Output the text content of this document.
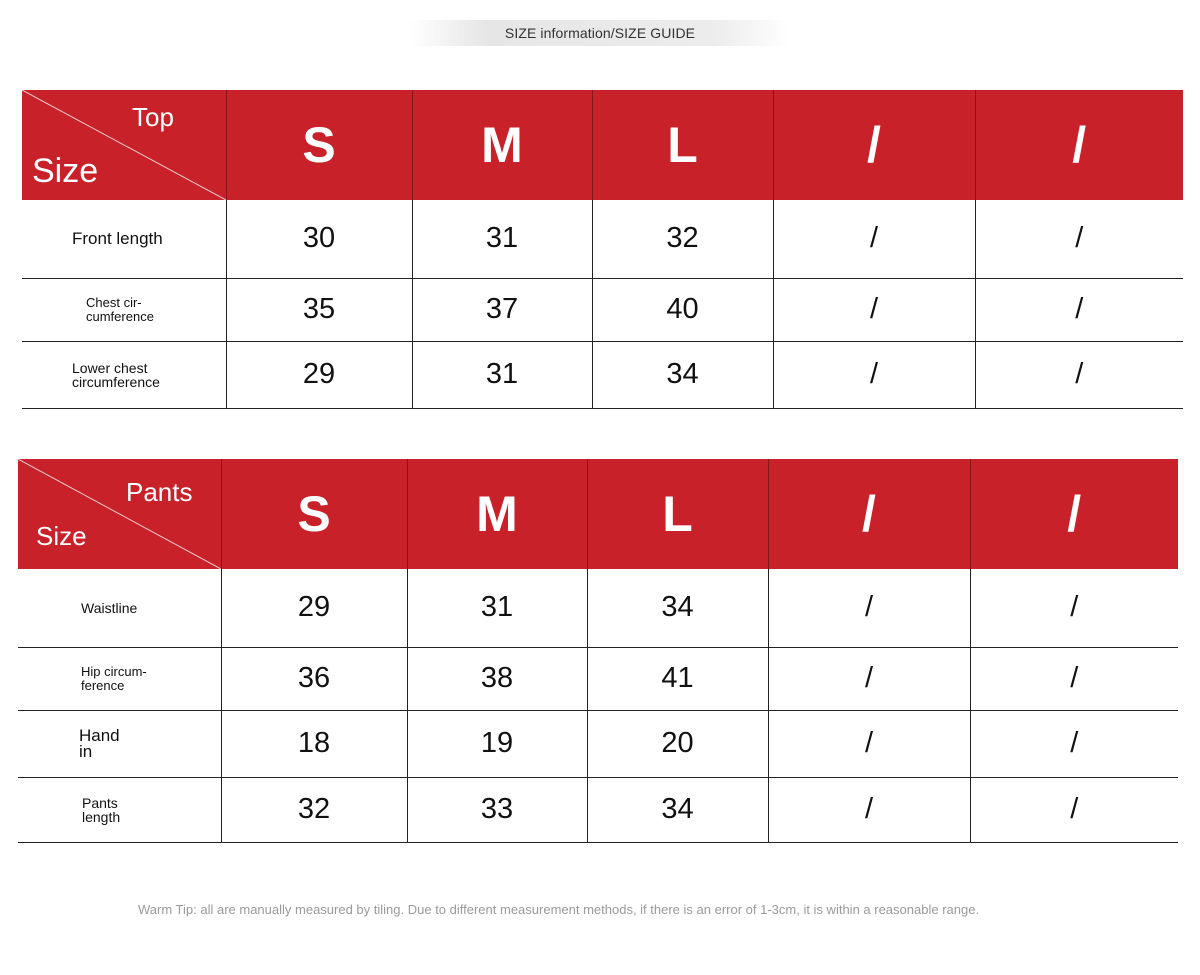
SIZE information/SIZE GUIDE
Top
Size	S	M	L	/	/
Front length	30	31	32	/	/
Chest cir-
cumference	35	37	40	/	/
Lower chest
circumference	29	31	34	/	/
Pants
Size	S	M	L	/	/
Waistline	29	31	34	/	/
Hip circum-
ference	36	38	41	/	/
Hand
in	18	19	20	/	/
Pants
length	32	33	34	/	/
Warm Tip: all are manually measured by tiling. Due to different measurement methods, if there is an error of 1-3cm, it is within a reasonable range.
